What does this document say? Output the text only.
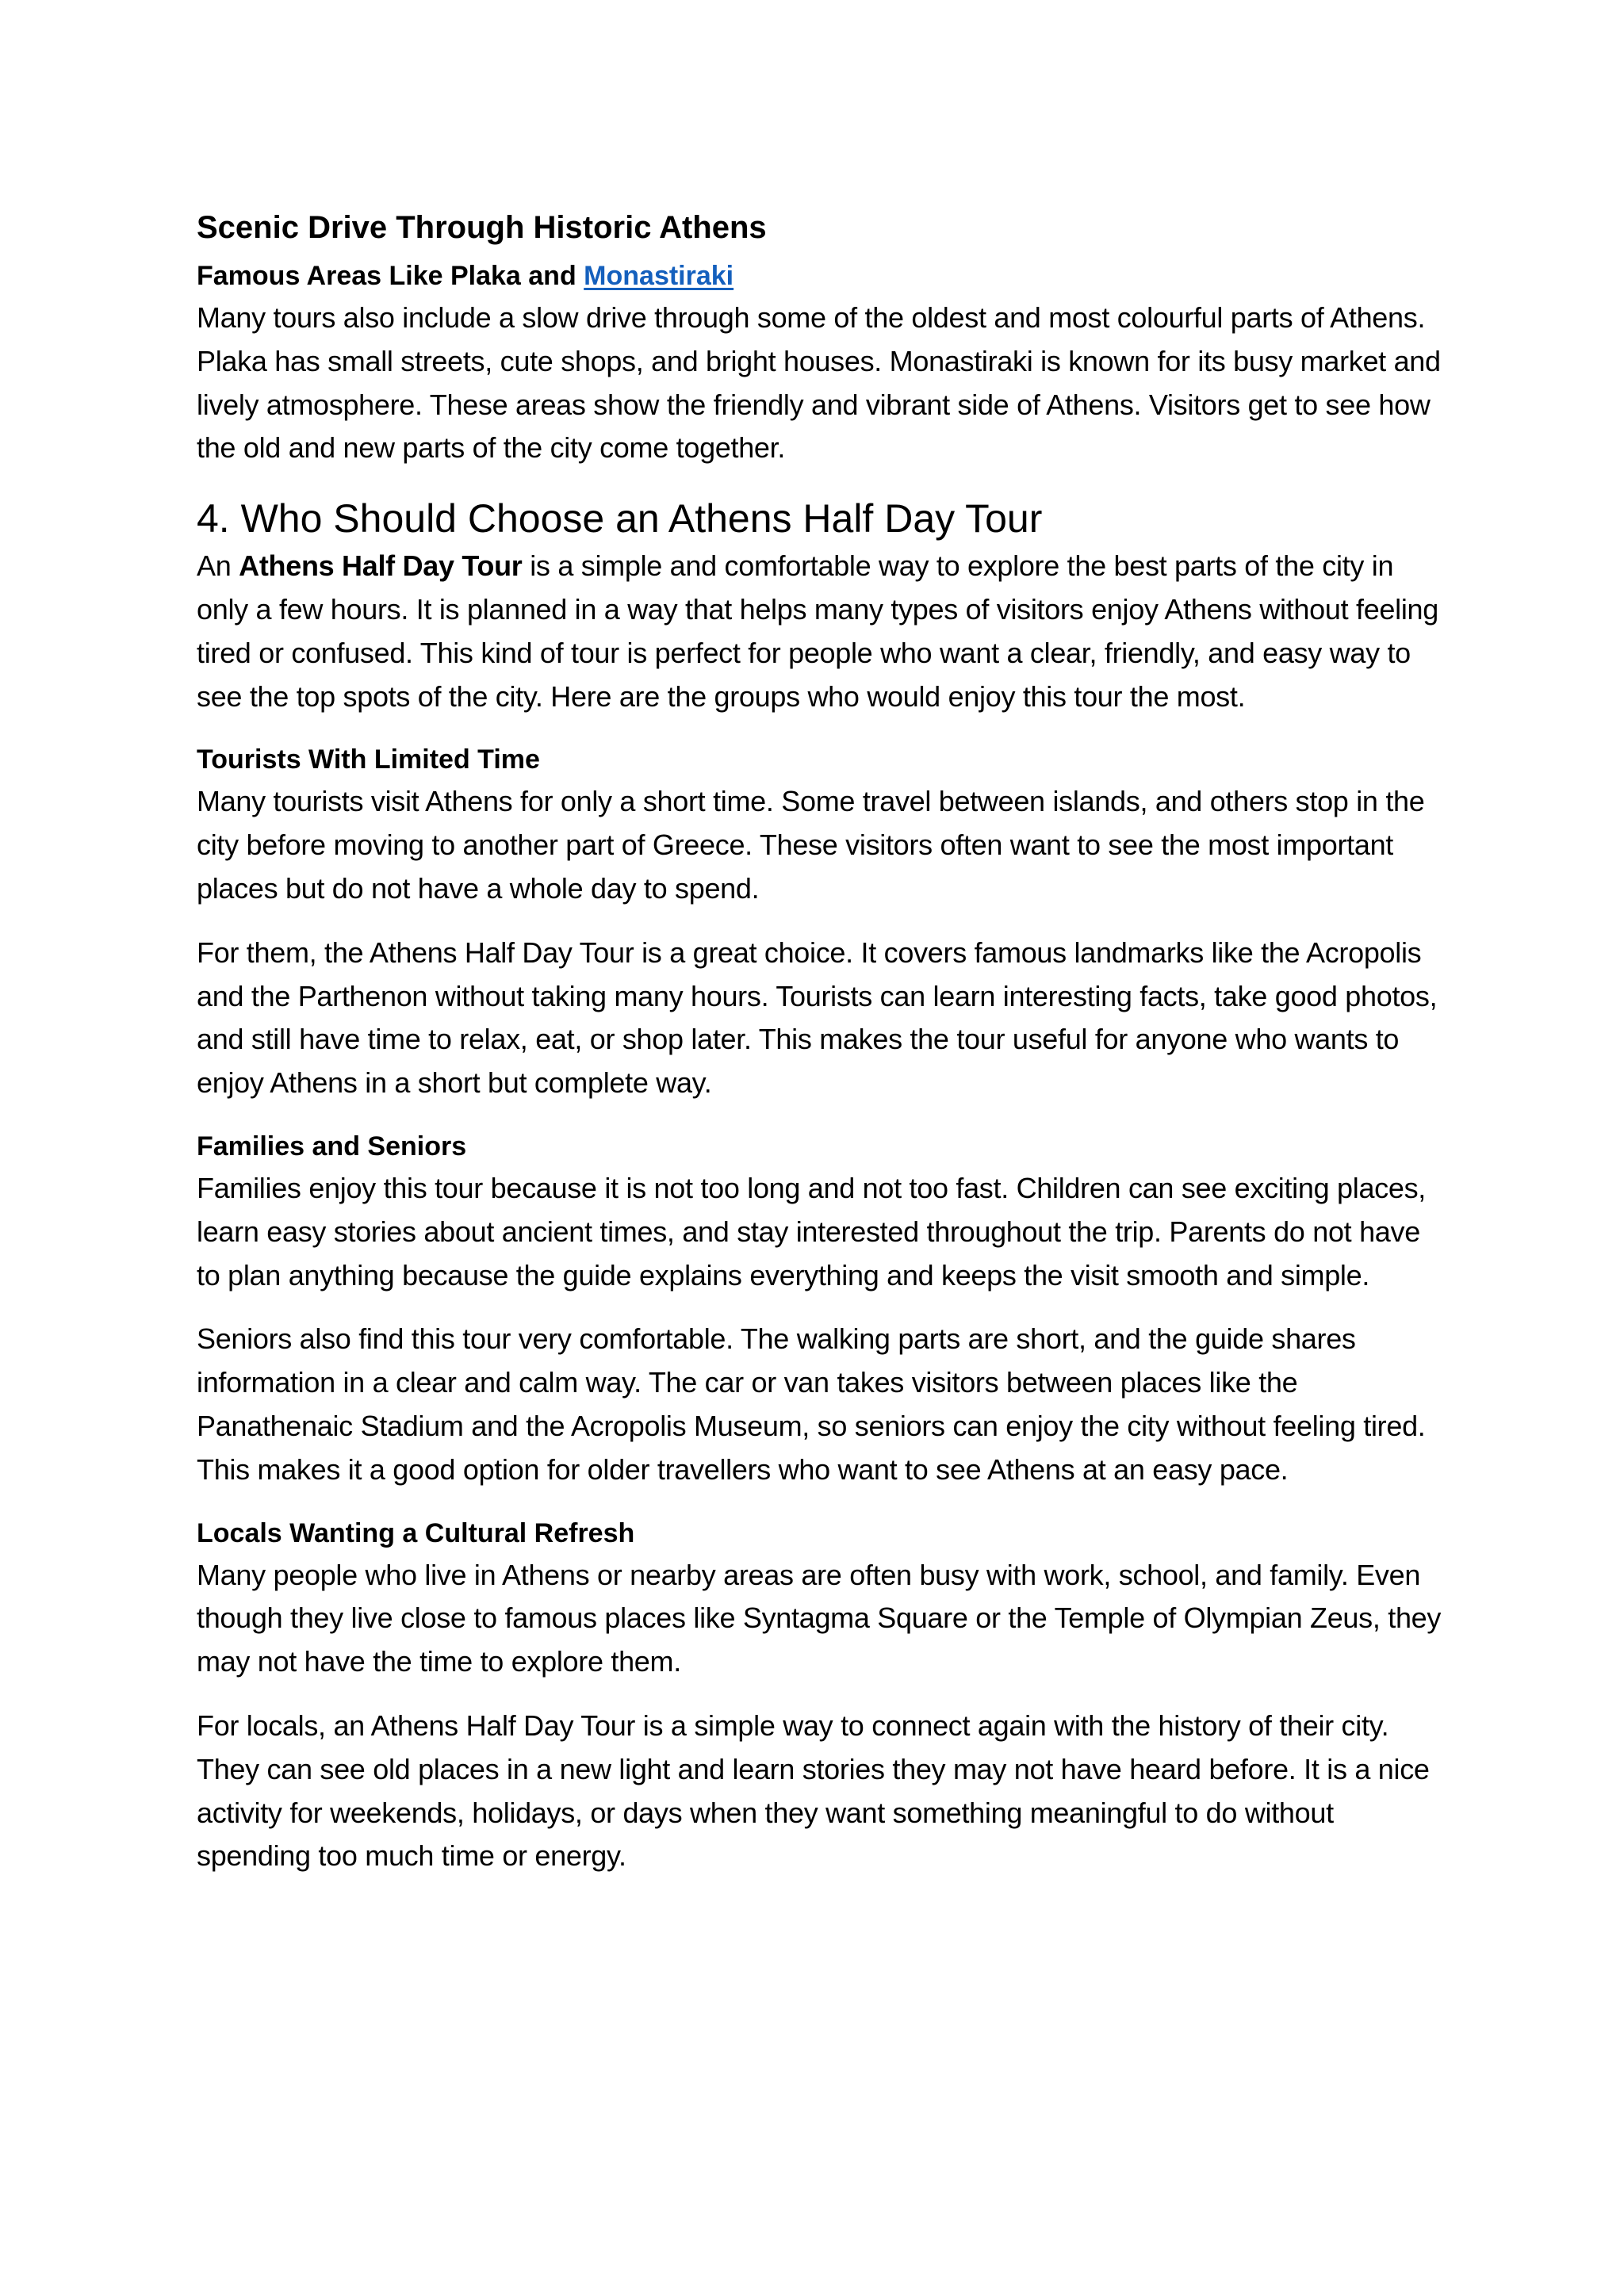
Scenic Drive Through Historic Athens
Famous Areas Like Plaka and Monastiraki

Many tours also include a slow drive through some of the oldest and most colourful parts of Athens. Plaka has small streets, cute shops, and bright houses. Monastiraki is known for its busy market and lively atmosphere. These areas show the friendly and vibrant side of Athens. Visitors get to see how the old and new parts of the city come together.

4. Who Should Choose an Athens Half Day Tour

An Athens Half Day Tour is a simple and comfortable way to explore the best parts of the city in only a few hours. It is planned in a way that helps many types of visitors enjoy Athens without feeling tired or confused. This kind of tour is perfect for people who want a clear, friendly, and easy way to see the top spots of the city. Here are the groups who would enjoy this tour the most.

Tourists With Limited Time

Many tourists visit Athens for only a short time. Some travel between islands, and others stop in the city before moving to another part of Greece. These visitors often want to see the most important places but do not have a whole day to spend.

For them, the Athens Half Day Tour is a great choice. It covers famous landmarks like the Acropolis and the Parthenon without taking many hours. Tourists can learn interesting facts, take good photos, and still have time to relax, eat, or shop later. This makes the tour useful for anyone who wants to enjoy Athens in a short but complete way.

Families and Seniors

Families enjoy this tour because it is not too long and not too fast. Children can see exciting places, learn easy stories about ancient times, and stay interested throughout the trip. Parents do not have to plan anything because the guide explains everything and keeps the visit smooth and simple.

Seniors also find this tour very comfortable. The walking parts are short, and the guide shares information in a clear and calm way. The car or van takes visitors between places like the Panathenaic Stadium and the Acropolis Museum, so seniors can enjoy the city without feeling tired. This makes it a good option for older travellers who want to see Athens at an easy pace.

Locals Wanting a Cultural Refresh

Many people who live in Athens or nearby areas are often busy with work, school, and family. Even though they live close to famous places like Syntagma Square or the Temple of Olympian Zeus, they may not have the time to explore them.

For locals, an Athens Half Day Tour is a simple way to connect again with the history of their city. They can see old places in a new light and learn stories they may not have heard before. It is a nice activity for weekends, holidays, or days when they want something meaningful to do without spending too much time or energy.
